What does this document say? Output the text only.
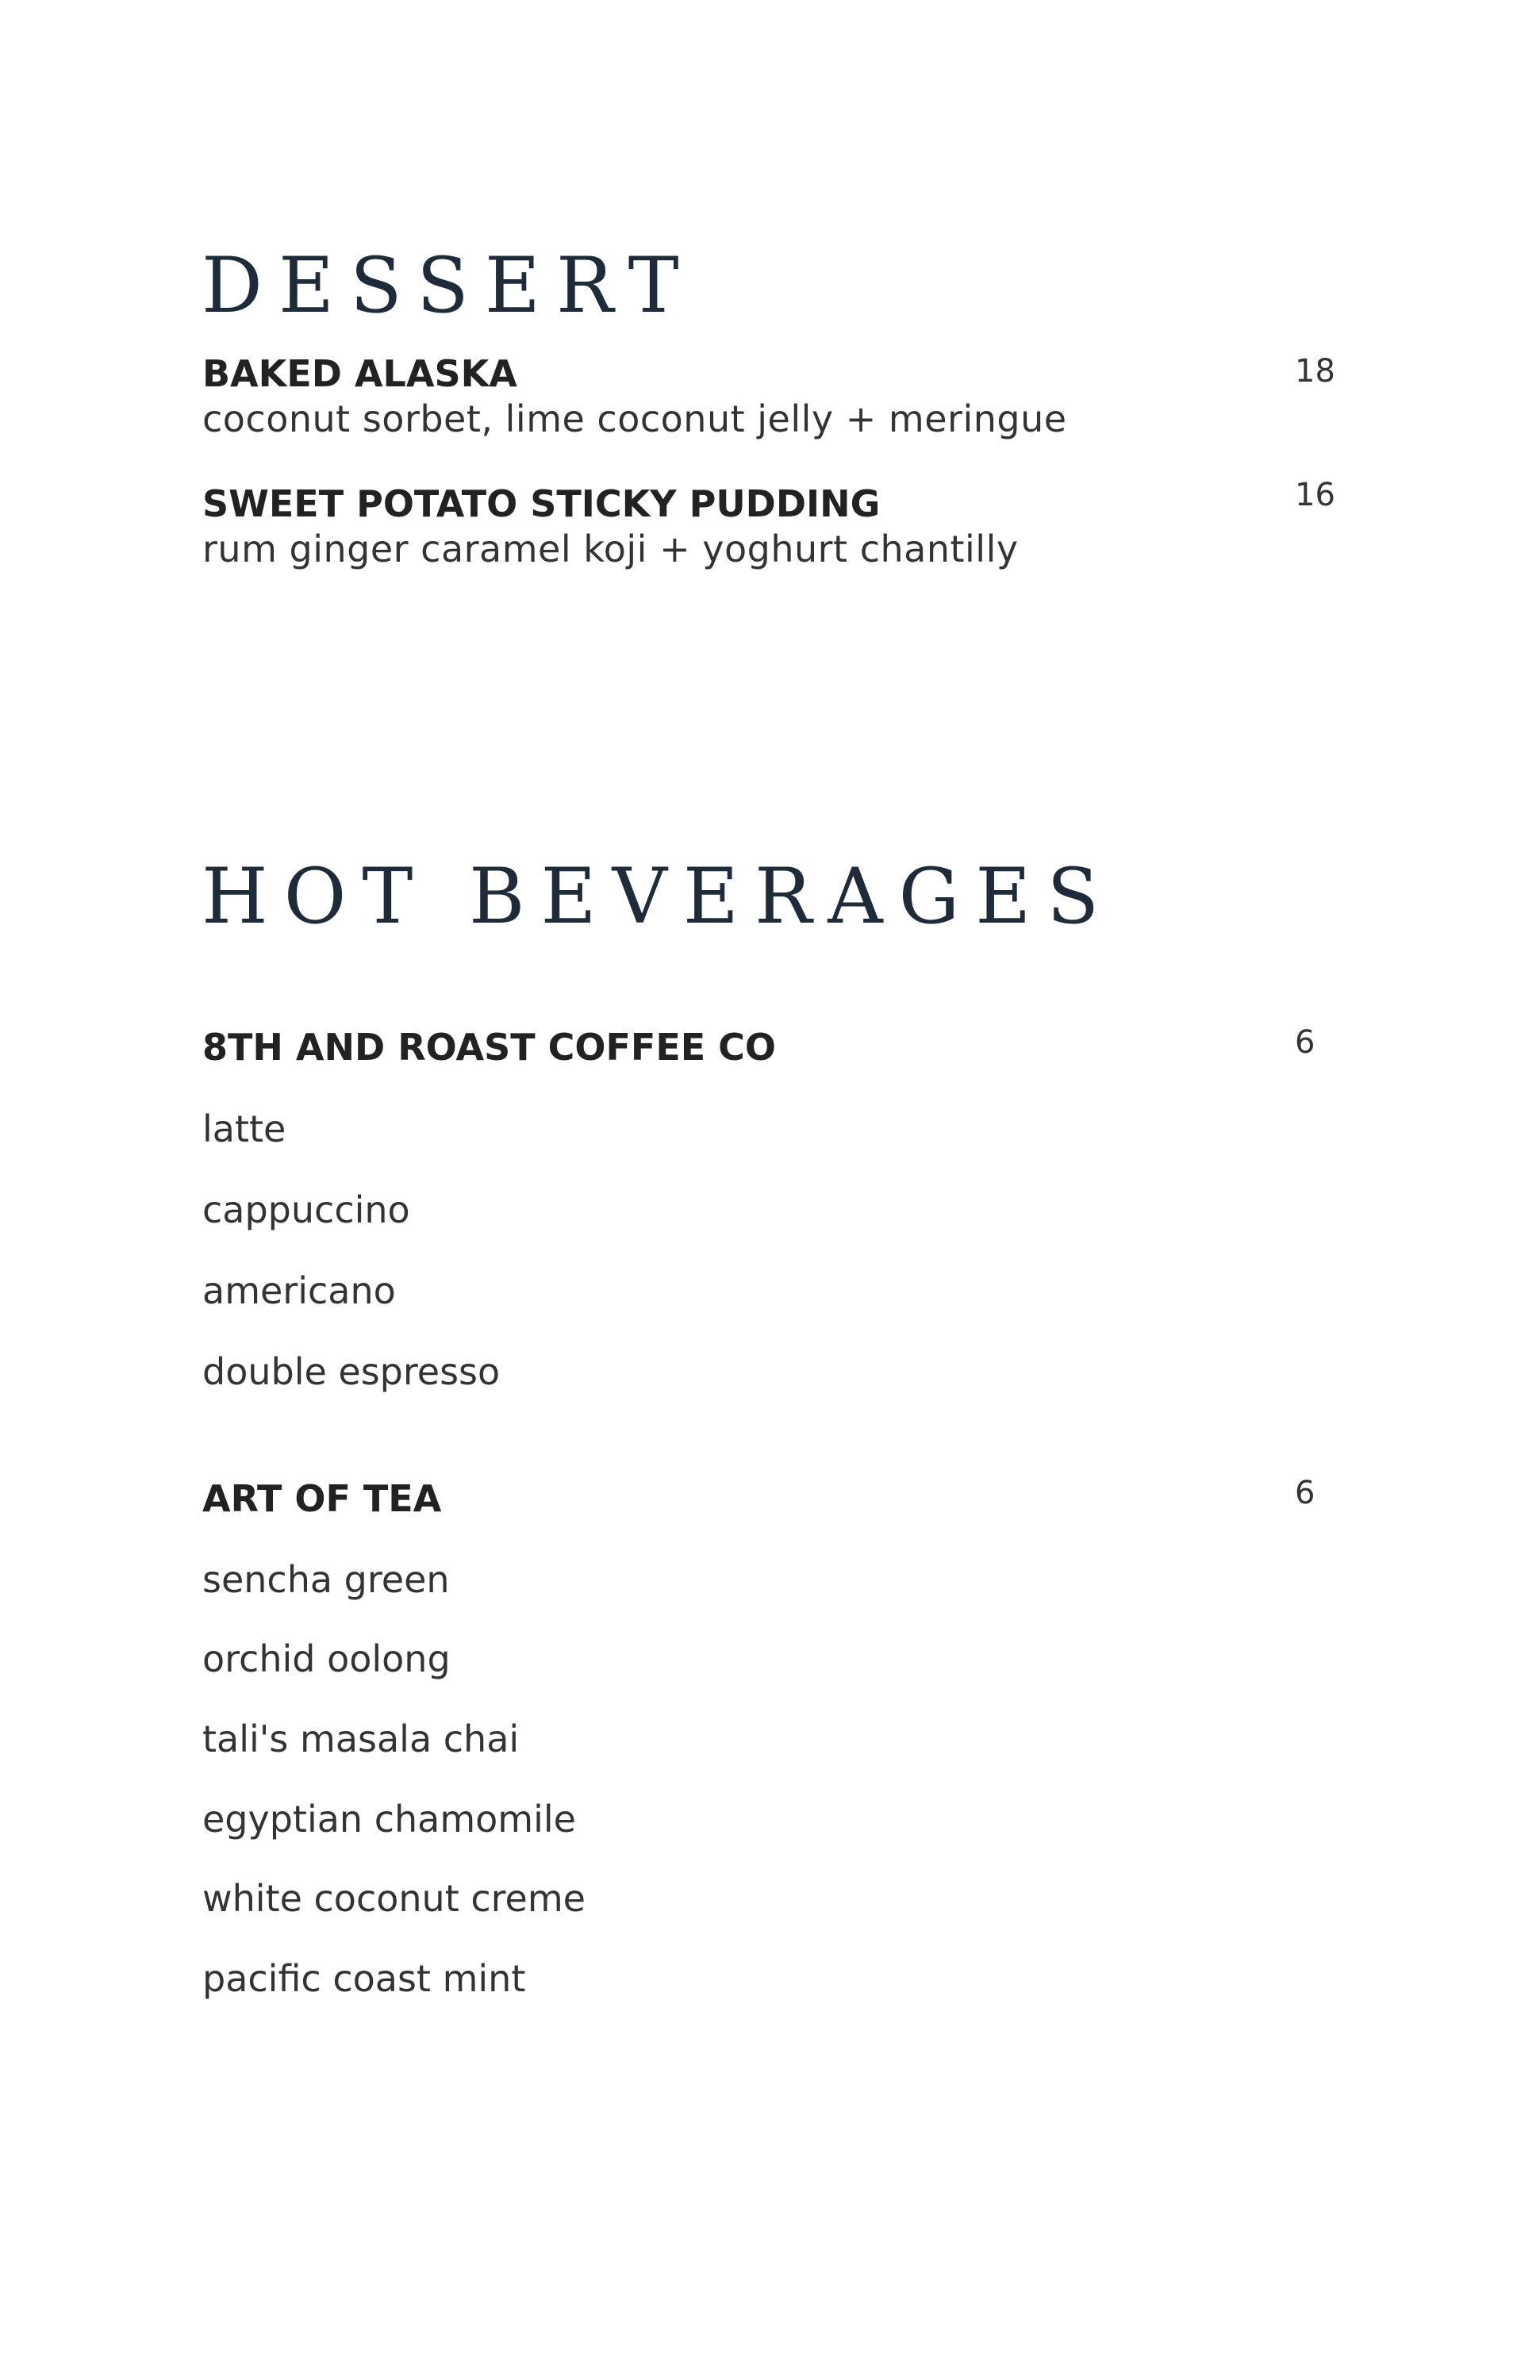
DESSERT
BAKED ALASKA	18
coconut sorbet, lime coconut jelly + meringue
SWEET POTATO STICKY PUDDING	16
rum ginger caramel koji + yoghurt chantilly
HOT BEVERAGES
8TH AND ROAST COFFEE CO	6
latte
cappuccino
americano
double espresso
ART OF TEA	6
sencha green
orchid oolong
tali's masala chai
egyptian chamomile
white coconut creme
pacific coast mint
